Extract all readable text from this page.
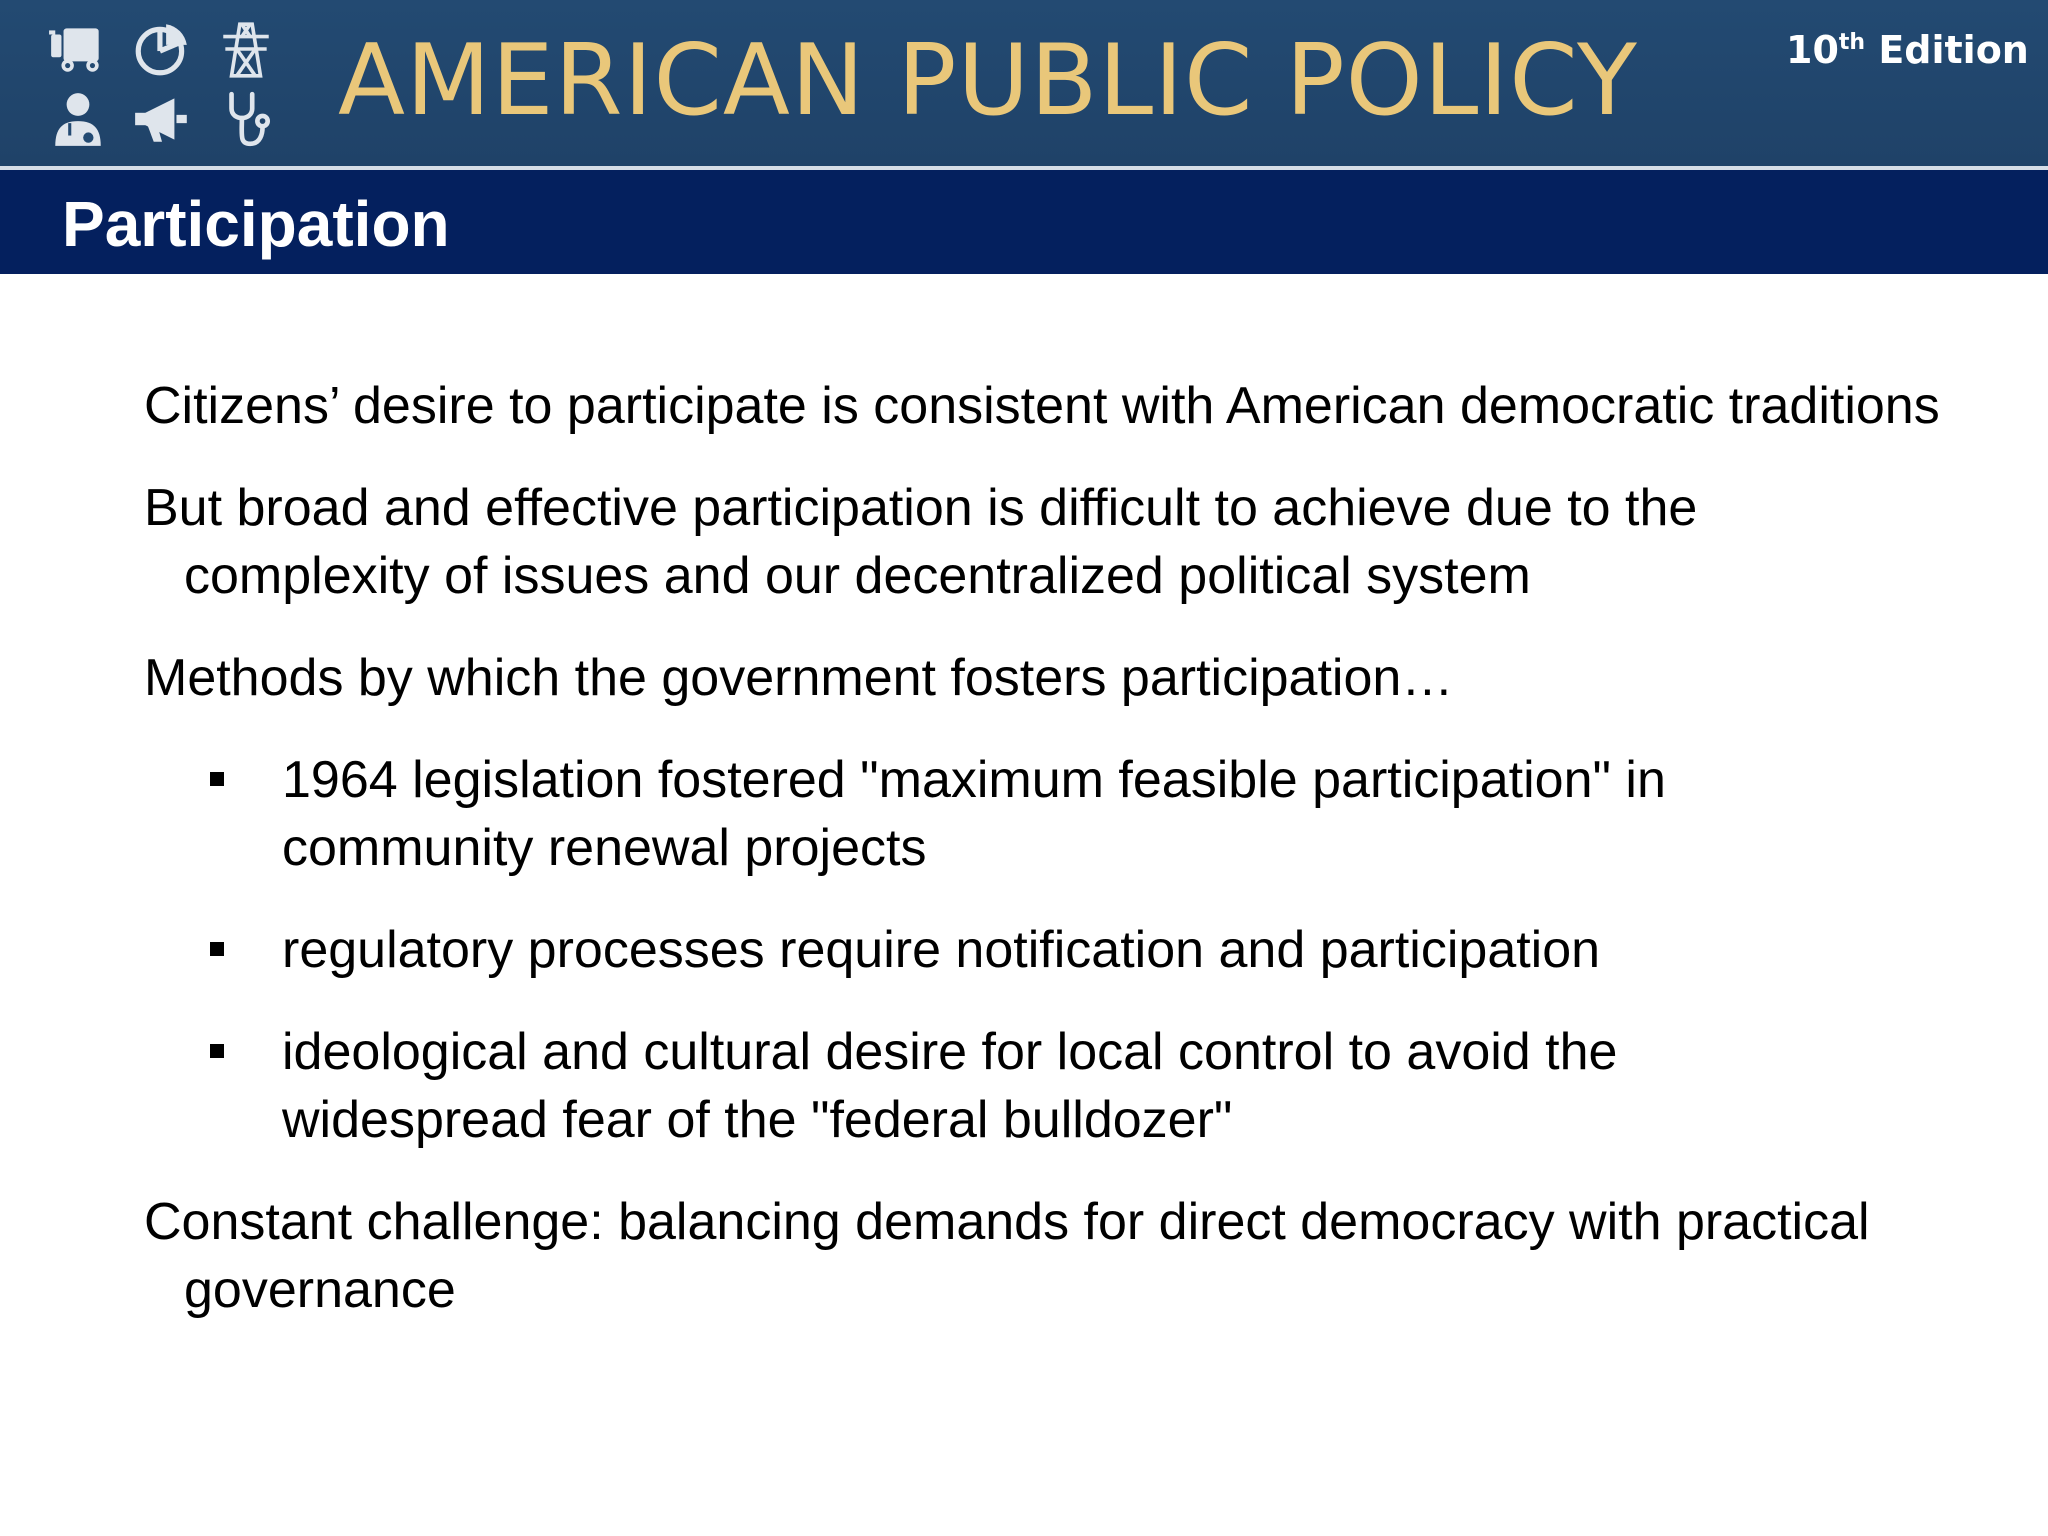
AMERICAN PUBLIC POLICY	10th Edition
Participation

Citizens’ desire to participate is consistent with American democratic traditions

But broad and effective participation is difficult to achieve due to the complexity of issues and our decentralized political system

Methods by which the government fosters participation…

1964 legislation fostered "maximum feasible participation" in community renewal projects
regulatory processes require notification and participation
ideological and cultural desire for local control to avoid the widespread fear of the "federal bulldozer"

Constant challenge: balancing demands for direct democracy with practical governance
